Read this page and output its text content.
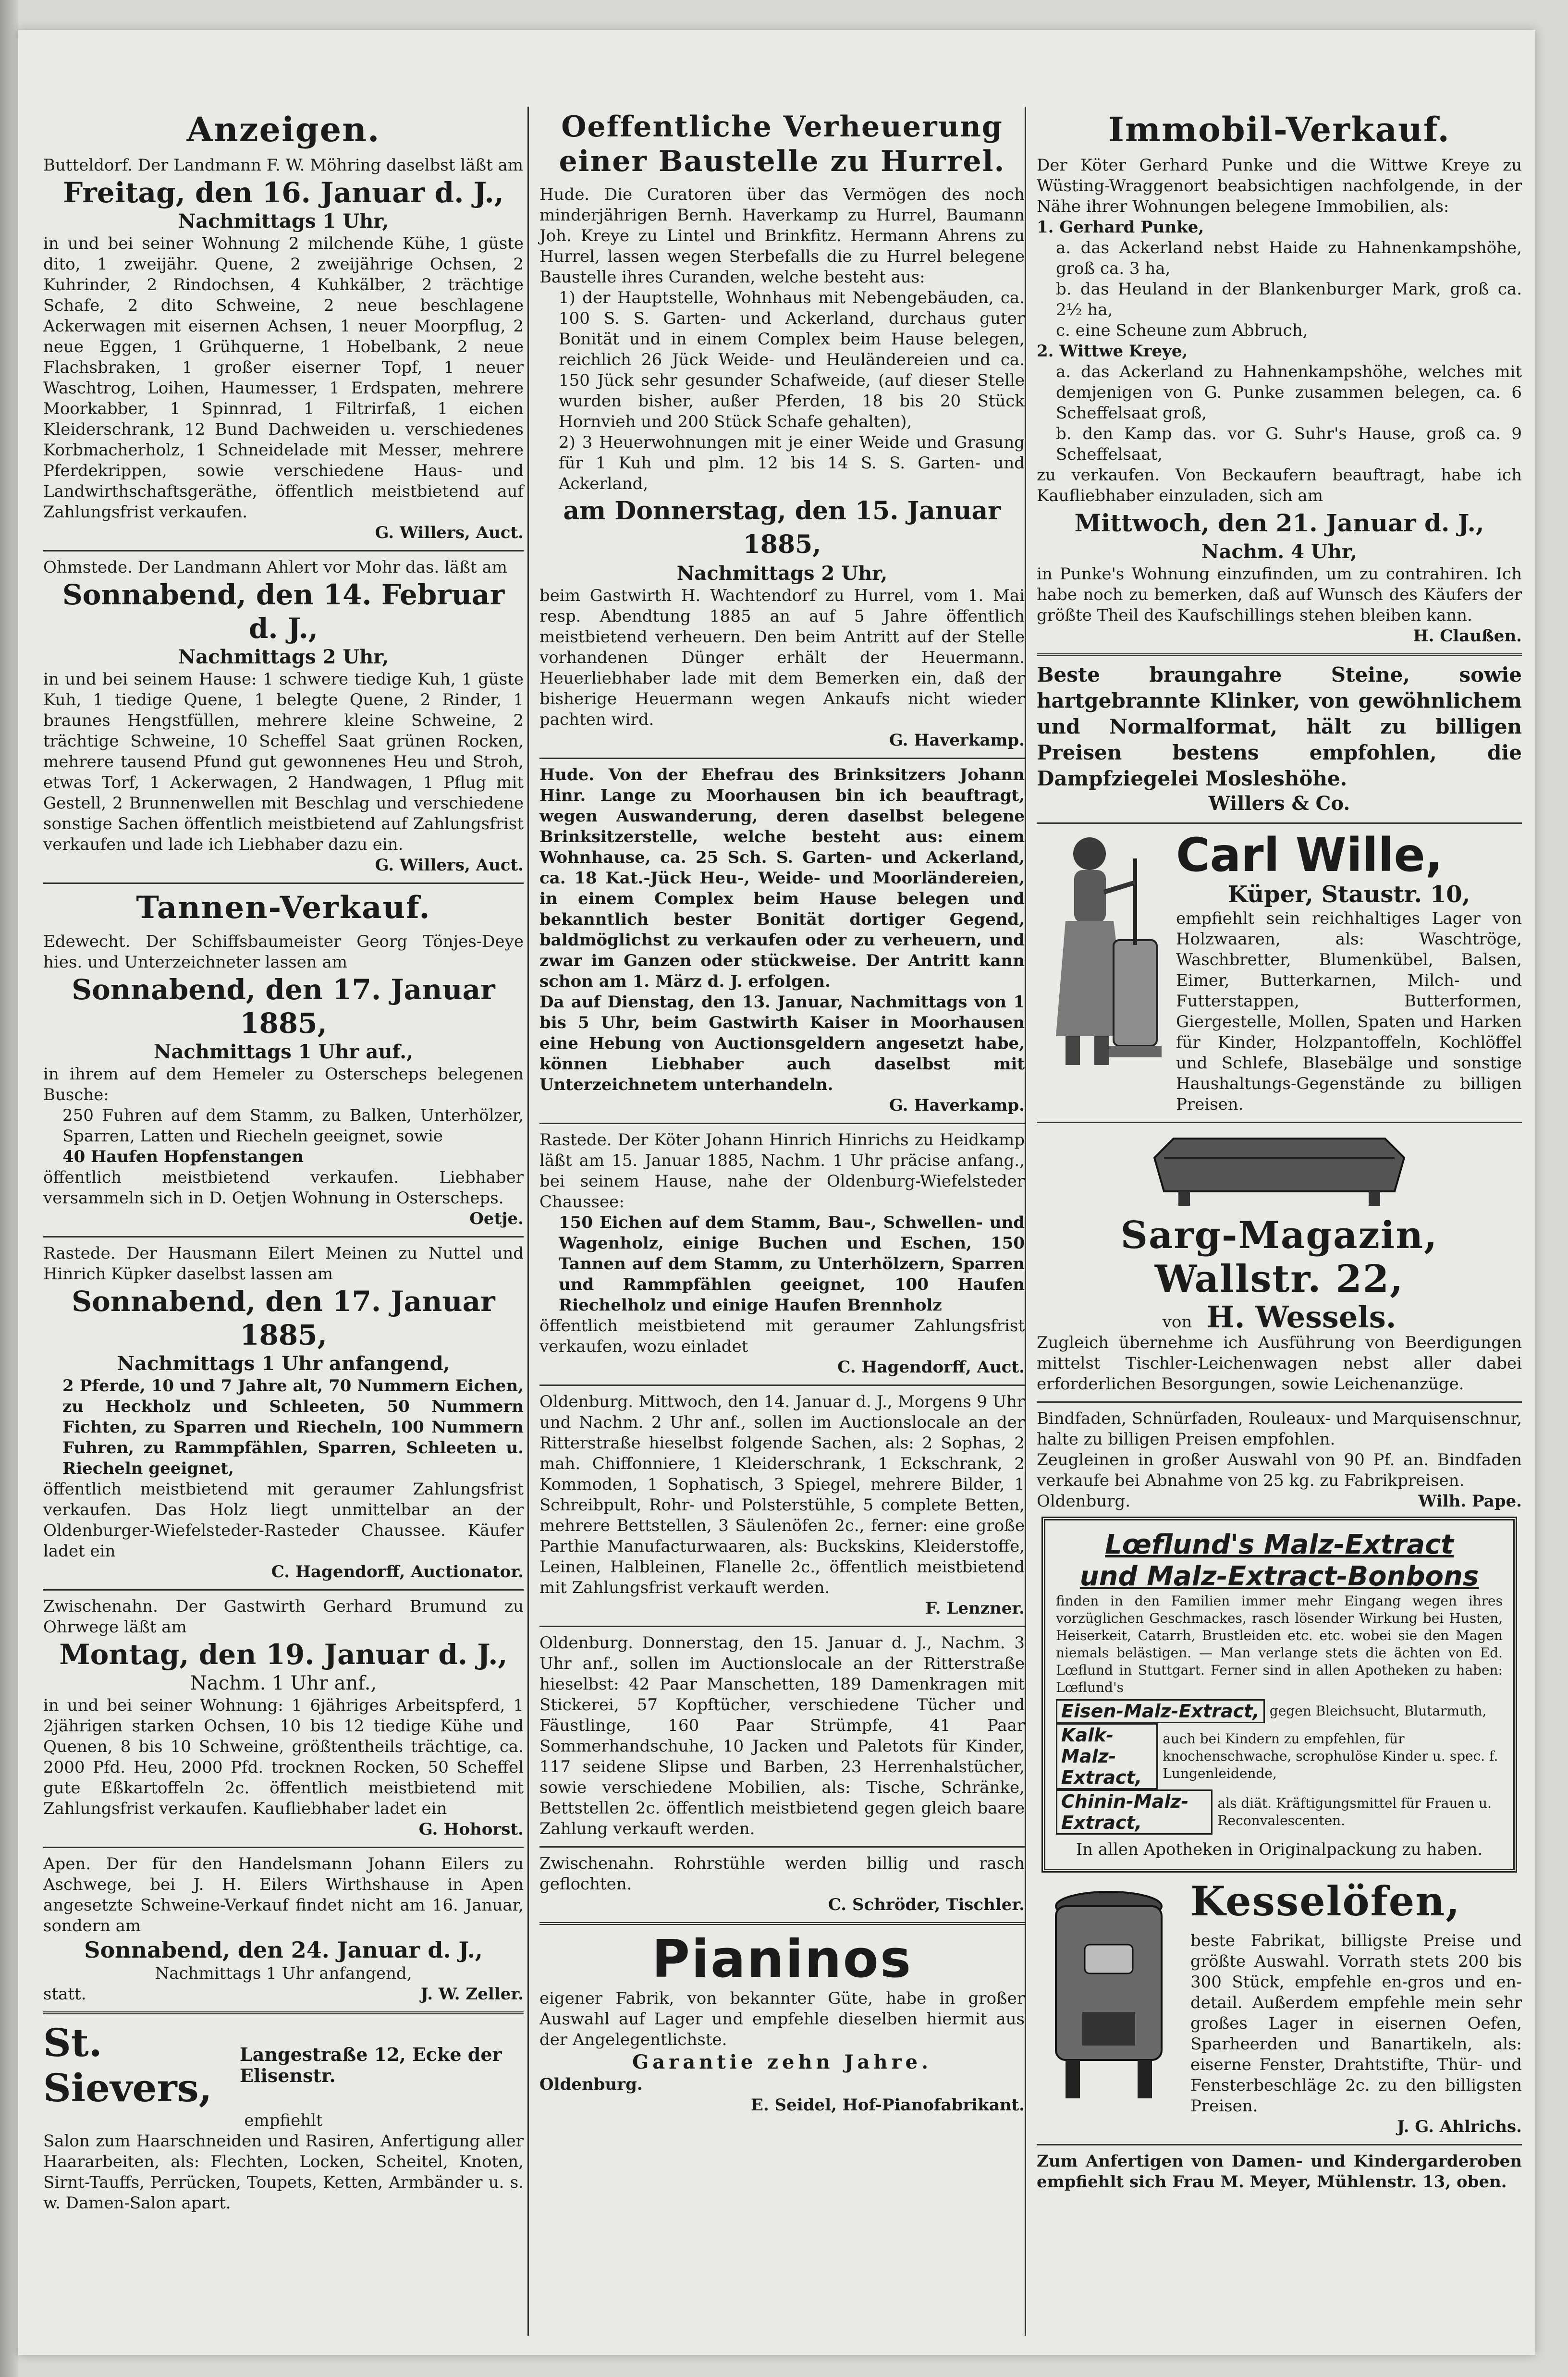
Anzeigen.

Butteldorf. Der Landmann F. W. Möhring daselbst läßt am

Freitag, den 16. Januar d. J.,

Nachmittags 1 Uhr,

in und bei seiner Wohnung 2 milchende Kühe, 1 güste dito, 1 zweijähr. Quene, 2 zweijährige Ochsen, 2 Kuhrinder, 2 Rindochsen, 4 Kuhkälber, 2 trächtige Schafe, 2 dito Schweine, 2 neue beschlagene Ackerwagen mit eisernen Achsen, 1 neuer Moorpflug, 2 neue Eggen, 1 Grühquerne, 1 Hobelbank, 2 neue Flachsbraken, 1 großer eiserner Topf, 1 neuer Waschtrog, Loihen, Haumesser, 1 Erdspaten, mehrere Moorkabber, 1 Spinnrad, 1 Filtrirfaß, 1 eichen Kleiderschrank, 12 Bund Dachweiden u. verschiedenes Korbmacherholz, 1 Schneidelade mit Messer, mehrere Pferdekrippen, sowie verschiedene Haus- und Landwirthschaftsgeräthe, öffentlich meistbietend auf Zahlungsfrist verkaufen.

G. Willers, Auct.

Ohmstede. Der Landmann Ahlert vor Mohr das. läßt am

Sonnabend, den 14. Februar d. J.,

Nachmittags 2 Uhr,

in und bei seinem Hause: 1 schwere tiedige Kuh, 1 güste Kuh, 1 tiedige Quene, 1 belegte Quene, 2 Rinder, 1 braunes Hengstfüllen, mehrere kleine Schweine, 2 trächtige Schweine, 10 Scheffel Saat grünen Rocken, mehrere tausend Pfund gut gewonnenes Heu und Stroh, etwas Torf, 1 Ackerwagen, 2 Handwagen, 1 Pflug mit Gestell, 2 Brunnenwellen mit Beschlag und verschiedene sonstige Sachen öffentlich meistbietend auf Zahlungsfrist verkaufen und lade ich Liebhaber dazu ein.

G. Willers, Auct.

Tannen-Verkauf.

Edewecht. Der Schiffsbaumeister Georg Tönjes-Deye hies. und Unterzeichneter lassen am

Sonnabend, den 17. Januar 1885,

Nachmittags 1 Uhr auf.,

in ihrem auf dem Hemeler zu Osterscheps belegenen Busche:

250 Fuhren auf dem Stamm, zu Balken, Unterhölzer, Sparren, Latten und Riecheln geeignet, sowie

40 Haufen Hopfenstangen

öffentlich meistbietend verkaufen. Liebhaber versammeln sich in D. Oetjen Wohnung in Osterscheps.

Oetje.

Rastede. Der Hausmann Eilert Meinen zu Nuttel und Hinrich Küpker daselbst lassen am

Sonnabend, den 17. Januar 1885,

Nachmittags 1 Uhr anfangend,

2 Pferde, 10 und 7 Jahre alt, 70 Nummern Eichen, zu Heckholz und Schleeten, 50 Nummern Fichten, zu Sparren und Riecheln, 100 Nummern Fuhren, zu Rammpfählen, Sparren, Schleeten u. Riecheln geeignet,

öffentlich meistbietend mit geraumer Zahlungsfrist verkaufen. Das Holz liegt unmittelbar an der Oldenburger-Wiefelsteder-Rasteder Chaussee. Käufer ladet ein

C. Hagendorff, Auctionator.

Zwischenahn. Der Gastwirth Gerhard Brumund zu Ohrwege läßt am

Montag, den 19. Januar d. J.,

Nachm. 1 Uhr anf.,

in und bei seiner Wohnung: 1 6jähriges Arbeitspferd, 1 2jährigen starken Ochsen, 10 bis 12 tiedige Kühe und Quenen, 8 bis 10 Schweine, größtentheils trächtige, ca. 2000 Pfd. Heu, 2000 Pfd. trocknen Rocken, 50 Scheffel gute Eßkartoffeln 2c. öffentlich meistbietend mit Zahlungsfrist verkaufen. Kaufliebhaber ladet ein

G. Hohorst.

Apen. Der für den Handelsmann Johann Eilers zu Aschwege, bei J. H. Eilers Wirthshause in Apen angesetzte Schweine-Verkauf findet nicht am 16. Januar, sondern am

Sonnabend, den 24. Januar d. J.,

Nachmittags 1 Uhr anfangend,

statt.	J. W. Zeller.

St. Sievers,
Langestraße 12, Ecke der Elisenstr.

empfiehlt

Salon zum Haarschneiden und Rasiren, Anfertigung aller Haararbeiten, als: Flechten, Locken, Scheitel, Knoten, Sirnt-Tauffs, Perrücken, Toupets, Ketten, Armbänder u. s. w. Damen-Salon apart.

Oeffentliche Verheuerung einer Baustelle zu Hurrel.

Hude. Die Curatoren über das Vermögen des noch minderjährigen Bernh. Haverkamp zu Hurrel, Baumann Joh. Kreye zu Lintel und Brinkfitz. Hermann Ahrens zu Hurrel, lassen wegen Sterbefalls die zu Hurrel belegene Baustelle ihres Curanden, welche besteht aus:

1) der Hauptstelle, Wohnhaus mit Nebengebäuden, ca. 100 S. S. Garten- und Ackerland, durchaus guter Bonität und in einem Complex beim Hause belegen, reichlich 26 Jück Weide- und Heuländereien und ca. 150 Jück sehr gesunder Schafweide, (auf dieser Stelle wurden bisher, außer Pferden, 18 bis 20 Stück Hornvieh und 200 Stück Schafe gehalten),

2) 3 Heuerwohnungen mit je einer Weide und Grasung für 1 Kuh und plm. 12 bis 14 S. S. Garten- und Ackerland,

am Donnerstag, den 15. Januar 1885,

Nachmittags 2 Uhr,

beim Gastwirth H. Wachtendorf zu Hurrel, vom 1. Mai resp. Abendtung 1885 an auf 5 Jahre öffentlich meistbietend verheuern. Den beim Antritt auf der Stelle vorhandenen Dünger erhält der Heuermann. Heuerliebhaber lade mit dem Bemerken ein, daß der bisherige Heuermann wegen Ankaufs nicht wieder pachten wird.

G. Haverkamp.

Hude. Von der Ehefrau des Brinksitzers Johann Hinr. Lange zu Moorhausen bin ich beauftragt, wegen Auswanderung, deren daselbst belegene Brinksitzerstelle, welche besteht aus: einem Wohnhause, ca. 25 Sch. S. Garten- und Ackerland, ca. 18 Kat.-Jück Heu-, Weide- und Moorländereien, in einem Complex beim Hause belegen und bekanntlich bester Bonität dortiger Gegend, baldmöglichst zu verkaufen oder zu verheuern, und zwar im Ganzen oder stückweise. Der Antritt kann schon am 1. März d. J. erfolgen.

Da auf Dienstag, den 13. Januar, Nachmittags von 1 bis 5 Uhr, beim Gastwirth Kaiser in Moorhausen eine Hebung von Auctionsgeldern angesetzt habe, können Liebhaber auch daselbst mit Unterzeichnetem unterhandeln.

G. Haverkamp.

Rastede. Der Köter Johann Hinrich Hinrichs zu Heidkamp läßt am 15. Januar 1885, Nachm. 1 Uhr präcise anfang., bei seinem Hause, nahe der Oldenburg-Wiefelsteder Chaussee:

150 Eichen auf dem Stamm, Bau-, Schwellen- und Wagenholz, einige Buchen und Eschen, 150 Tannen auf dem Stamm, zu Unterhölzern, Sparren und Rammpfählen geeignet, 100 Haufen Riechelholz und einige Haufen Brennholz

öffentlich meistbietend mit geraumer Zahlungsfrist verkaufen, wozu einladet

C. Hagendorff, Auct.

Oldenburg. Mittwoch, den 14. Januar d. J., Morgens 9 Uhr und Nachm. 2 Uhr anf., sollen im Auctionslocale an der Ritterstraße hieselbst folgende Sachen, als: 2 Sophas, 2 mah. Chiffonniere, 1 Kleiderschrank, 1 Eckschrank, 2 Kommoden, 1 Sophatisch, 3 Spiegel, mehrere Bilder, 1 Schreibpult, Rohr- und Polsterstühle, 5 complete Betten, mehrere Bettstellen, 3 Säulenöfen 2c., ferner: eine große Parthie Manufacturwaaren, als: Buckskins, Kleiderstoffe, Leinen, Halbleinen, Flanelle 2c., öffentlich meistbietend mit Zahlungsfrist verkauft werden.

F. Lenzner.

Oldenburg. Donnerstag, den 15. Januar d. J., Nachm. 3 Uhr anf., sollen im Auctionslocale an der Ritterstraße hieselbst: 42 Paar Manschetten, 189 Damenkragen mit Stickerei, 57 Kopftücher, verschiedene Tücher und Fäustlinge, 160 Paar Strümpfe, 41 Paar Sommerhandschuhe, 10 Jacken und Paletots für Kinder, 117 seidene Slipse und Barben, 23 Herrenhalstücher, sowie verschiedene Mobilien, als: Tische, Schränke, Bettstellen 2c. öffentlich meistbietend gegen gleich baare Zahlung verkauft werden.

Zwischenahn. Rohrstühle werden billig und rasch geflochten.

C. Schröder, Tischler.

Pianinos

eigener Fabrik, von bekannter Güte, habe in großer Auswahl auf Lager und empfehle dieselben hiermit aus der Angelegentlichste.

Garantie zehn Jahre.

Oldenburg.

E. Seidel, Hof-Pianofabrikant.

Immobil-Verkauf.

Der Köter Gerhard Punke und die Wittwe Kreye zu Wüsting-Wraggenort beabsichtigen nachfolgende, in der Nähe ihrer Wohnungen belegene Immobilien, als:

1. Gerhard Punke,

a. das Ackerland nebst Haide zu Hahnenkampshöhe, groß ca. 3 ha,

b. das Heuland in der Blankenburger Mark, groß ca. 2½ ha,

c. eine Scheune zum Abbruch,

2. Wittwe Kreye,

a. das Ackerland zu Hahnenkampshöhe, welches mit demjenigen von G. Punke zusammen belegen, ca. 6 Scheffelsaat groß,

b. den Kamp das. vor G. Suhr's Hause, groß ca. 9 Scheffelsaat,

zu verkaufen. Von Beckaufern beauftragt, habe ich Kaufliebhaber einzuladen, sich am

Mittwoch, den 21. Januar d. J.,

Nachm. 4 Uhr,

in Punke's Wohnung einzufinden, um zu contrahiren. Ich habe noch zu bemerken, daß auf Wunsch des Käufers der größte Theil des Kaufschillings stehen bleiben kann.

H. Claußen.

Beste braungahre Steine, sowie hartgebrannte Klinker, von gewöhnlichem und Normalformat, hält zu billigen Preisen bestens empfohlen, die Dampfziegelei Mosleshöhe.

Willers & Co.

Carl Wille,

Küper, Staustr. 10,

empfiehlt sein reichhaltiges Lager von Holzwaaren, als: Waschtröge, Waschbretter, Blumenkübel, Balsen, Eimer, Butterkarnen, Milch- und Futterstappen, Butterformen, Giergestelle, Mollen, Spaten und Harken für Kinder, Holzpantoffeln, Kochlöffel und Schlefe, Blasebälge und sonstige Haushaltungs-Gegenstände zu billigen Preisen.

Sarg-Magazin, Wallstr. 22,

von H. Wessels.

Zugleich übernehme ich Ausführung von Beerdigungen mittelst Tischler-Leichenwagen nebst aller dabei erforderlichen Besorgungen, sowie Leichenanzüge.

Bindfaden, Schnürfaden, Rouleaux- und Marquisenschnur, halte zu billigen Preisen empfohlen.

Zeugleinen in großer Auswahl von 90 Pf. an. Bindfaden verkaufe bei Abnahme von 25 kg. zu Fabrikpreisen.

Oldenburg.	Wilh. Pape.

Lœflund's Malz-Extract

und Malz-Extract-Bonbons

finden in den Familien immer mehr Eingang wegen ihres vorzüglichen Geschmackes, rasch lösender Wirkung bei Husten, Heiserkeit, Catarrh, Brustleiden etc. etc. wobei sie den Magen niemals belästigen. — Man verlange stets die ächten von Ed. Lœflund in Stuttgart. Ferner sind in allen Apotheken zu haben: Lœflund's

Eisen-Malz-Extract, gegen Bleichsucht, Blutarmuth,

Kalk-Malz-Extract,
auch bei Kindern zu empfehlen, für knochenschwache, scrophulöse Kinder u. spec. f. Lungenleidende,

Chinin-Malz-Extract,
als diät. Kräftigungsmittel für Frauen u. Reconvalescenten.

In allen Apotheken in Originalpackung zu haben.

Kesselöfen,

beste Fabrikat, billigste Preise und größte Auswahl. Vorrath stets 200 bis 300 Stück, empfehle en-gros und en-detail. Außerdem empfehle mein sehr großes Lager in eisernen Oefen, Sparheerden und Banartikeln, als: eiserne Fenster, Drahtstifte, Thür- und Fensterbeschläge 2c. zu den billigsten Preisen.

J. G. Ahlrichs.

Zum Anfertigen von Damen- und Kindergarderoben empfiehlt sich Frau M. Meyer, Mühlenstr. 13, oben.
